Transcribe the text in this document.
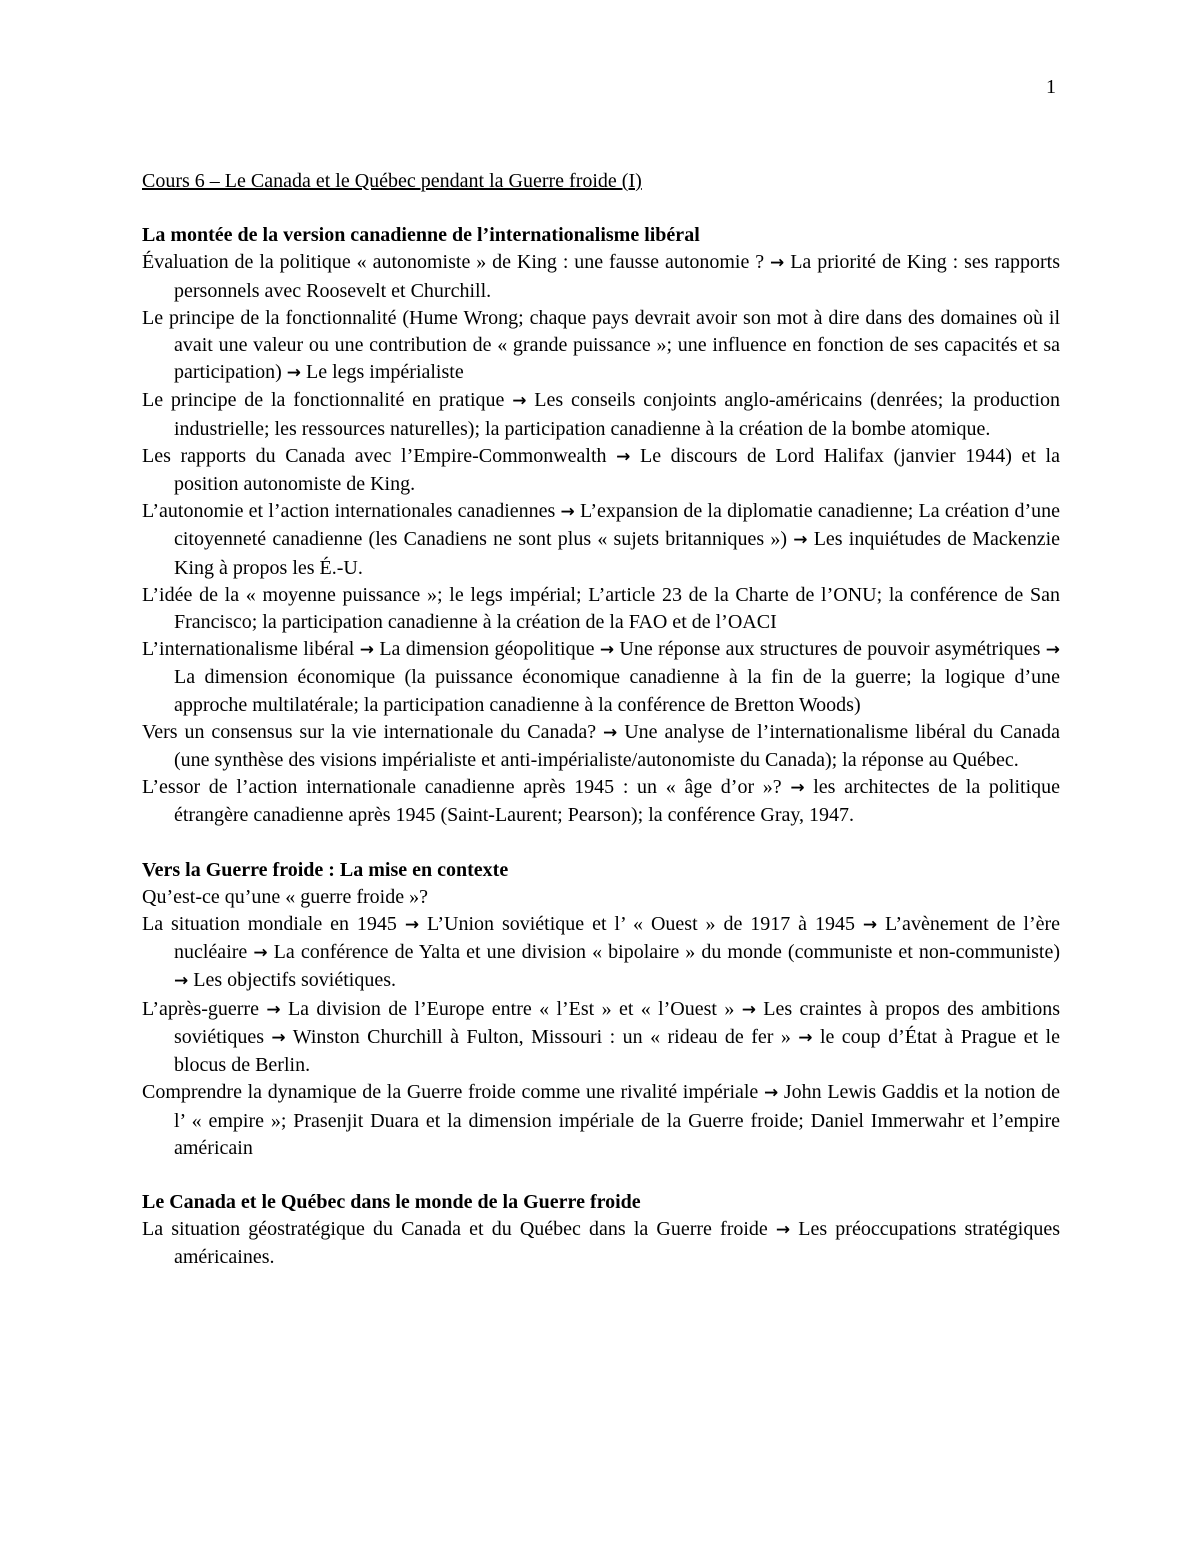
1

Cours 6 – Le Canada et le Québec pendant la Guerre froide (I)

La montée de la version canadienne de l’internationalisme libéral

Évaluation de la politique « autonomiste » de King : une fausse autonomie ? → La priorité de King : ses rapports personnels avec Roosevelt et Churchill.

Le principe de la fonctionnalité (Hume Wrong; chaque pays devrait avoir son mot à dire dans des domaines où il avait une valeur ou une contribution de « grande puissance »; une influence en fonction de ses capacités et sa participation) → Le legs impérialiste

Le principe de la fonctionnalité en pratique → Les conseils conjoints anglo-américains (denrées; la production industrielle; les ressources naturelles); la participation canadienne à la création de la bombe atomique.

Les rapports du Canada avec l’Empire-Commonwealth → Le discours de Lord Halifax (janvier 1944) et la position autonomiste de King.

L’autonomie et l’action internationales canadiennes → L’expansion de la diplomatie canadienne; La création d’une citoyenneté canadienne (les Canadiens ne sont plus « sujets britanniques ») → Les inquiétudes de Mackenzie King à propos les É.-U.

L’idée de la « moyenne puissance »; le legs impérial; L’article 23 de la Charte de l’ONU; la conférence de San Francisco; la participation canadienne à la création de la FAO et de l’OACI

L’internationalisme libéral → La dimension géopolitique → Une réponse aux structures de pouvoir asymétriques → La dimension économique (la puissance économique canadienne à la fin de la guerre; la logique d’une approche multilatérale; la participation canadienne à la conférence de Bretton Woods)

Vers un consensus sur la vie internationale du Canada? → Une analyse de l’internationalisme libéral du Canada (une synthèse des visions impérialiste et anti-impérialiste/autonomiste du Canada); la réponse au Québec.

L’essor de l’action internationale canadienne après 1945 : un « âge d’or »? → les architectes de la politique étrangère canadienne après 1945 (Saint-Laurent; Pearson); la conférence Gray, 1947.

Vers la Guerre froide : La mise en contexte

Qu’est-ce qu’une « guerre froide »?

La situation mondiale en 1945 → L’Union soviétique et l’ « Ouest » de 1917 à 1945 → L’avènement de l’ère nucléaire → La conférence de Yalta et une division « bipolaire » du monde (communiste et non-communiste) → Les objectifs soviétiques.

L’après-guerre → La division de l’Europe entre « l’Est » et « l’Ouest » → Les craintes à propos des ambitions soviétiques → Winston Churchill à Fulton, Missouri : un « rideau de fer » → le coup d’État à Prague et le blocus de Berlin.

Comprendre la dynamique de la Guerre froide comme une rivalité impériale → John Lewis Gaddis et la notion de l’ « empire »; Prasenjit Duara et la dimension impériale de la Guerre froide; Daniel Immerwahr et l’empire américain

Le Canada et le Québec dans le monde de la Guerre froide

La situation géostratégique du Canada et du Québec dans la Guerre froide → Les préoccupations stratégiques américaines.
